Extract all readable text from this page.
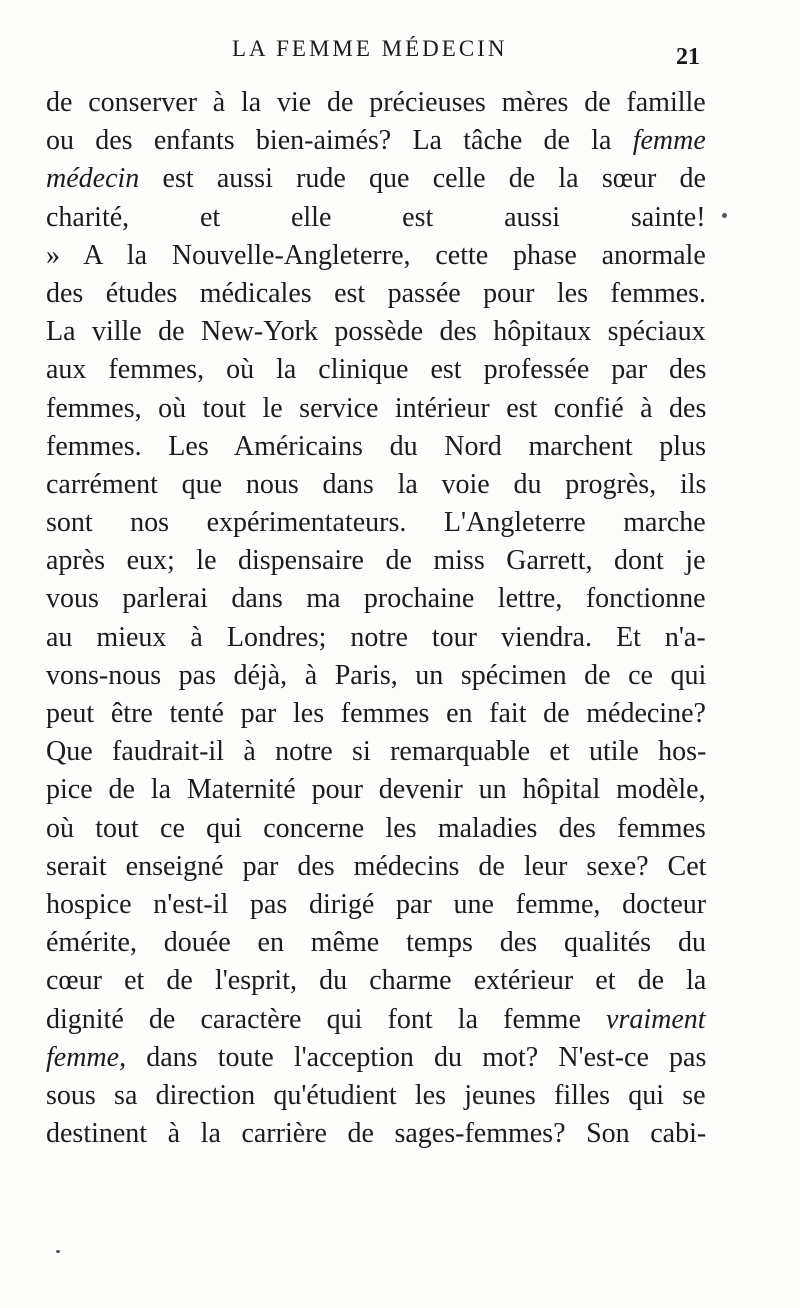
LA FEMME MÉDECIN	21
de conserver à la vie de précieuses mères de famille
ou des enfants bien-aimés? La tâche de la femme
médecin est aussi rude que celle de la sœur de
charité, et elle est aussi sainte!
» A la Nouvelle-Angleterre, cette phase anormale
des études médicales est passée pour les femmes.
La ville de New-York possède des hôpitaux spéciaux
aux femmes, où la clinique est professée par des
femmes, où tout le service intérieur est confié à des
femmes. Les Américains du Nord marchent plus
carrément que nous dans la voie du progrès, ils
sont nos expérimentateurs. L'Angleterre marche
après eux; le dispensaire de miss Garrett, dont je
vous parlerai dans ma prochaine lettre, fonctionne
au mieux à Londres; notre tour viendra. Et n'a-
vons-nous pas déjà, à Paris, un spécimen de ce qui
peut être tenté par les femmes en fait de médecine?
Que faudrait-il à notre si remarquable et utile hos-
pice de la Maternité pour devenir un hôpital modèle,
où tout ce qui concerne les maladies des femmes
serait enseigné par des médecins de leur sexe? Cet
hospice n'est-il pas dirigé par une femme, docteur
émérite, douée en même temps des qualités du
cœur et de l'esprit, du charme extérieur et de la
dignité de caractère qui font la femme vraiment
femme, dans toute l'acception du mot? N'est-ce pas
sous sa direction qu'étudient les jeunes filles qui se
destinent à la carrière de sages-femmes? Son cabi-
